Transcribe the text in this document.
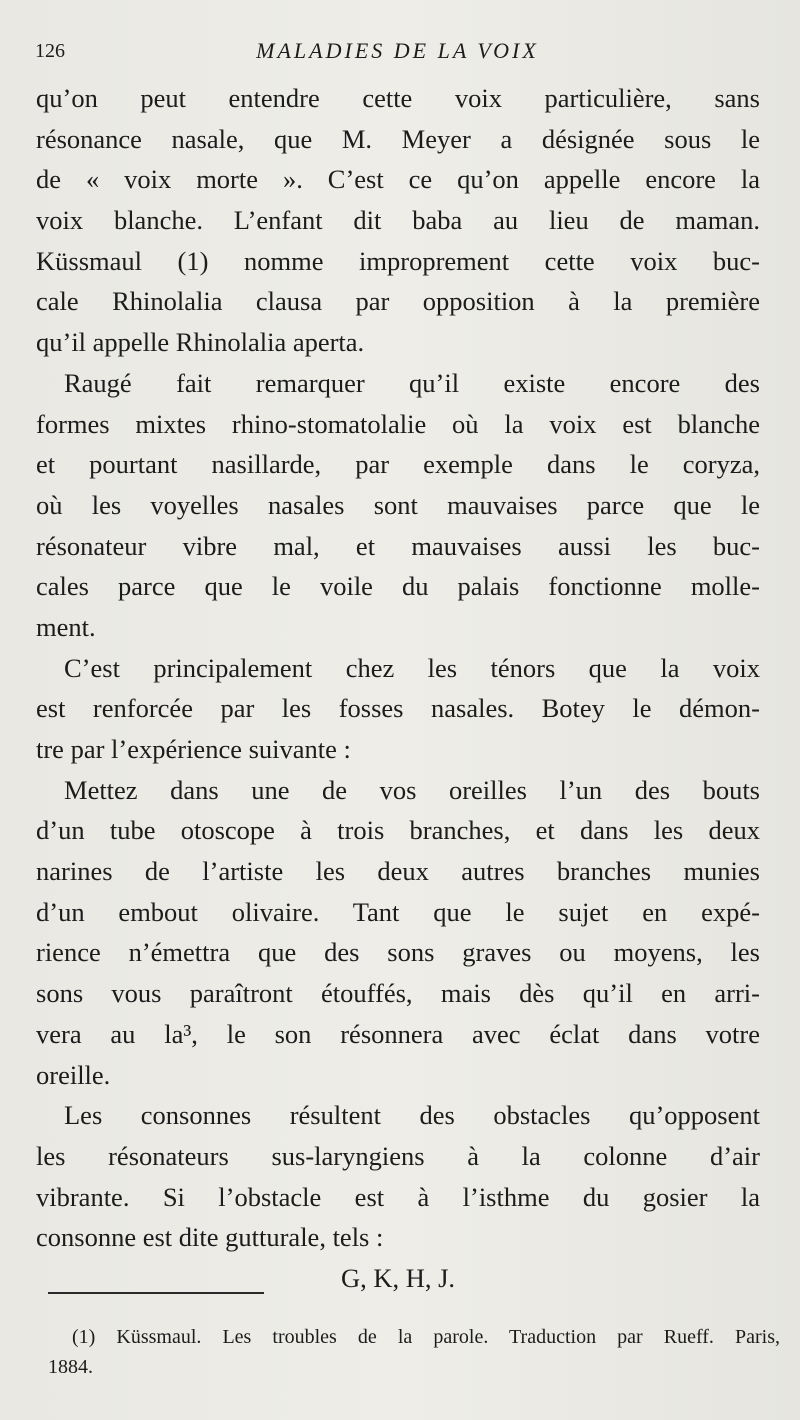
126	MALADIES DE LA VOIX
qu’on peut entendre cette voix particulière, sans
résonance nasale, que M. Meyer a désignée sous le
de « voix morte ». C’est ce qu’on appelle encore la
voix blanche. L’enfant dit baba au lieu de maman.
Küssmaul (1) nomme improprement cette voix buc-
cale Rhinolalia clausa par opposition à la première
qu’il appelle Rhinolalia aperta.
Raugé fait remarquer qu’il existe encore des
formes mixtes rhino-stomatolalie où la voix est blanche
et pourtant nasillarde, par exemple dans le coryza,
où les voyelles nasales sont mauvaises parce que le
résonateur vibre mal, et mauvaises aussi les buc-
cales parce que le voile du palais fonctionne molle-
ment.
C’est principalement chez les ténors que la voix
est renforcée par les fosses nasales. Botey le démon-
tre par l’expérience suivante :
Mettez dans une de vos oreilles l’un des bouts
d’un tube otoscope à trois branches, et dans les deux
narines de l’artiste les deux autres branches munies
d’un embout olivaire. Tant que le sujet en expé-
rience n’émettra que des sons graves ou moyens, les
sons vous paraîtront étouffés, mais dès qu’il en arri-
vera au la³, le son résonnera avec éclat dans votre
oreille.
Les consonnes résultent des obstacles qu’opposent
les résonateurs sus-laryngiens à la colonne d’air
vibrante. Si l’obstacle est à l’isthme du gosier la
consonne est dite gutturale, tels :
G, K, H, J.
(1) Küssmaul. Les troubles de la parole. Traduction par Rueff. Paris,
1884.
